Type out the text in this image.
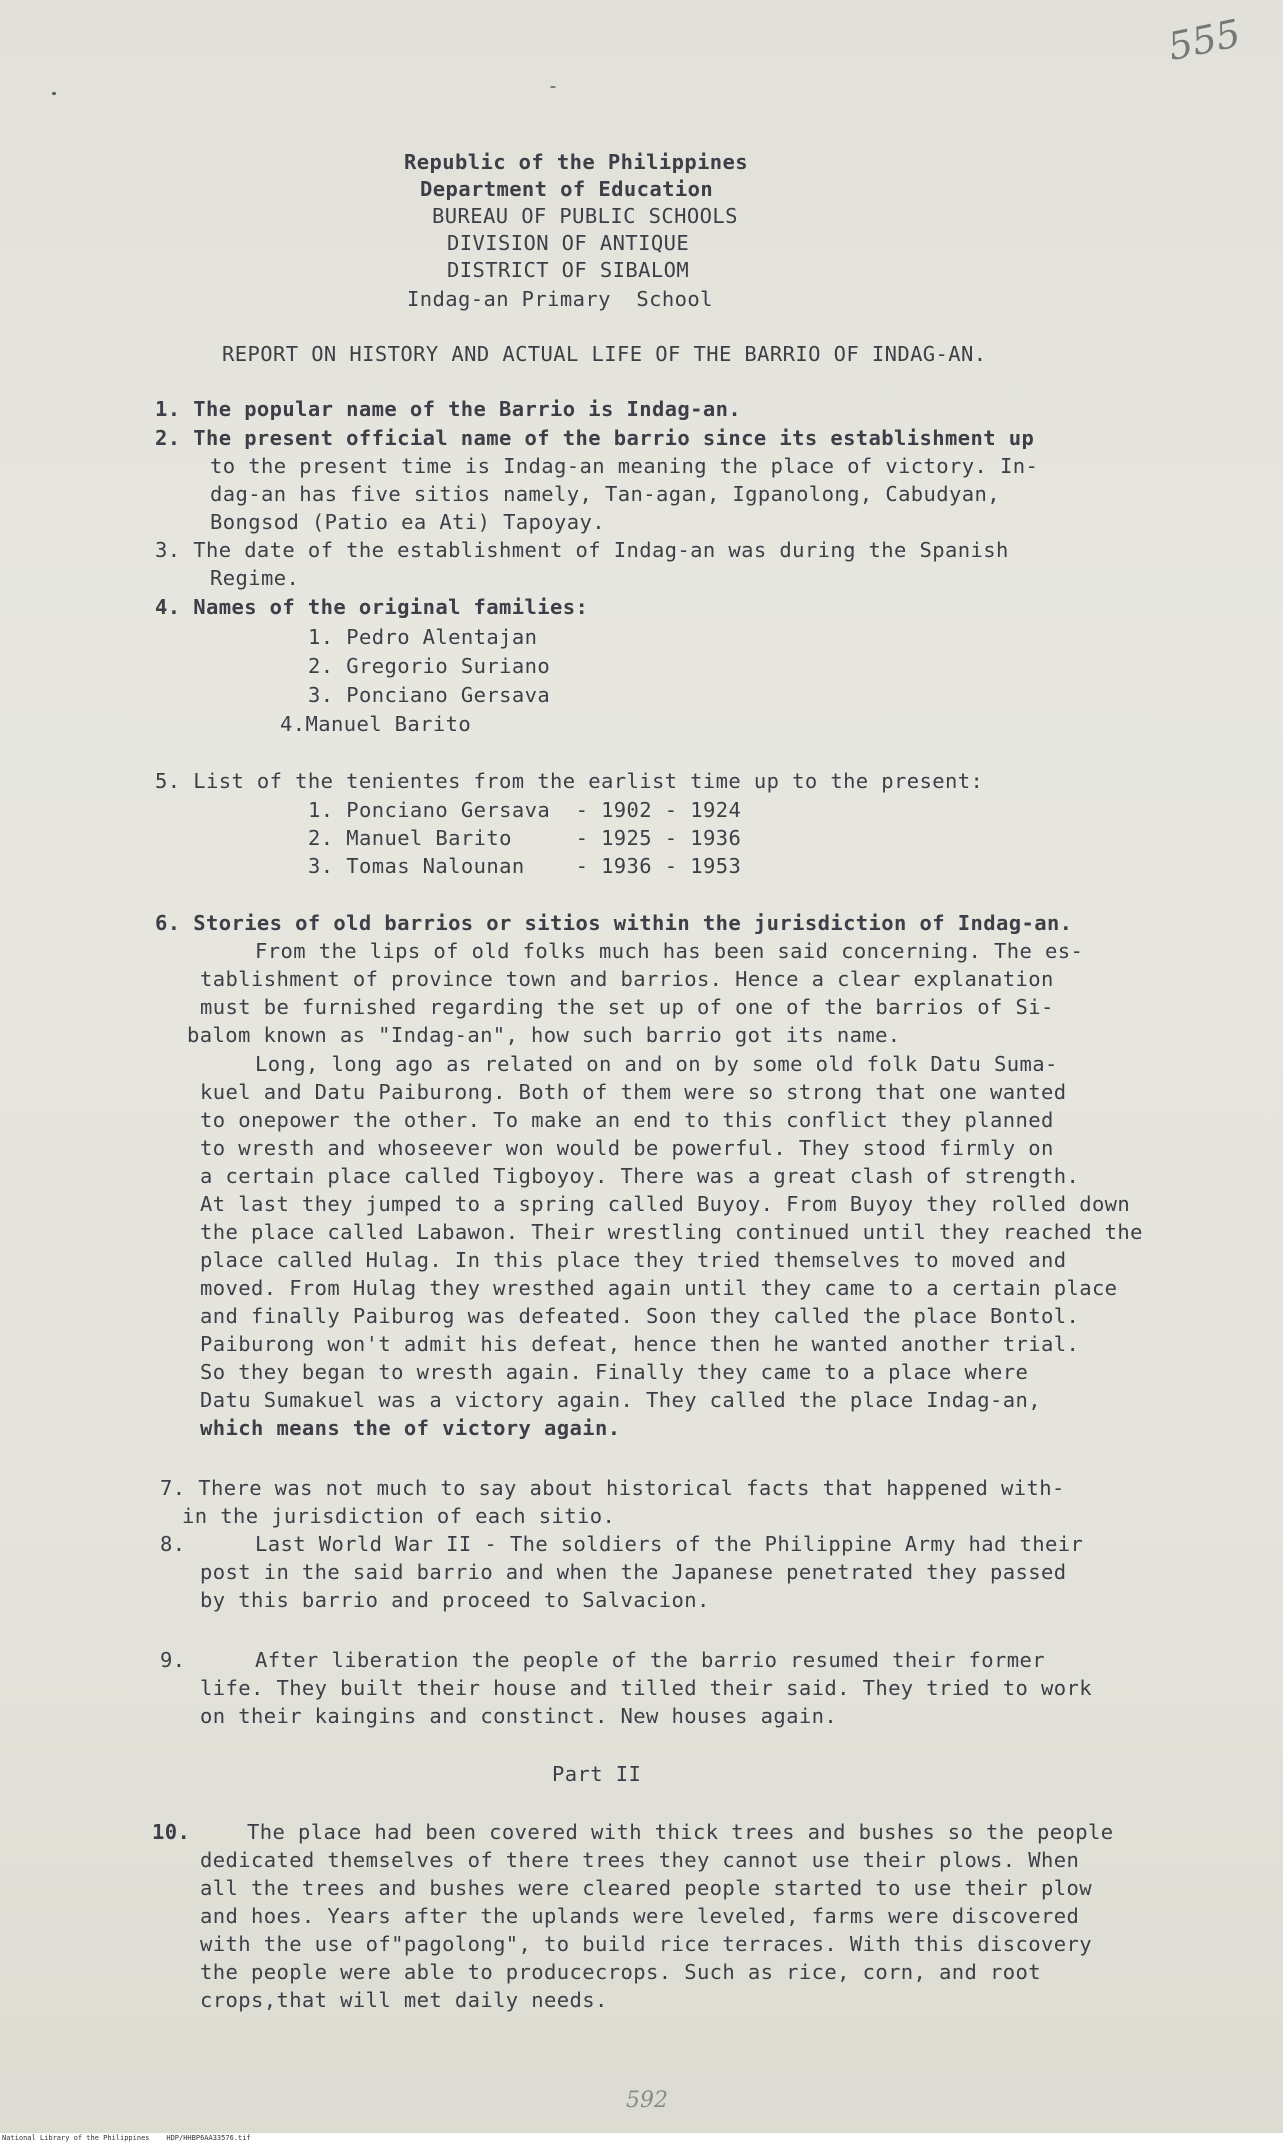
555
Republic of the Philippines
Department of Education
BUREAU OF PUBLIC SCHOOLS
DIVISION OF ANTIQUE
DISTRICT OF SIBALOM
Indag-an Primary  School
REPORT ON HISTORY AND ACTUAL LIFE OF THE BARRIO OF INDAG-AN.
1. The popular name of the Barrio is Indag-an.
2. The present official name of the barrio since its establishment up
to the present time is Indag-an meaning the place of victory. In-
dag-an has five sitios namely, Tan-agan, Igpanolong, Cabudyan,
Bongsod (Patio ea Ati) Tapoyay.
3. The date of the establishment of Indag-an was during the Spanish
Regime.
4. Names of the original families:
1. Pedro Alentajan
2. Gregorio Suriano
3. Ponciano Gersava
4.Manuel Barito
5. List of the tenientes from the earlist time up to the present:
1. Ponciano Gersava  - 1902 - 1924
2. Manuel Barito     - 1925 - 1936
3. Tomas Nalounan    - 1936 - 1953
6. Stories of old barrios or sitios within the jurisdiction of Indag-an.
From the lips of old folks much has been said concerning. The es-
tablishment of province town and barrios. Hence a clear explanation
must be furnished regarding the set up of one of the barrios of Si-
balom known as "Indag-an", how such barrio got its name.
Long, long ago as related on and on by some old folk Datu Suma-
kuel and Datu Paiburong. Both of them were so strong that one wanted
to onepower the other. To make an end to this conflict they planned
to wresth and whoseever won would be powerful. They stood firmly on
a certain place called Tigboyoy. There was a great clash of strength.
At last they jumped to a spring called Buyoy. From Buyoy they rolled down
the place called Labawon. Their wrestling continued until they reached the
place called Hulag. In this place they tried themselves to moved and
moved. From Hulag they wresthed again until they came to a certain place
and finally Paiburog was defeated. Soon they called the place Bontol.
Paiburong won't admit his defeat, hence then he wanted another trial.
So they began to wresth again. Finally they came to a place where
Datu Sumakuel was a victory again. They called the place Indag-an,
which means the of victory again.
7. There was not much to say about historical facts that happened with-
in the jurisdiction of each sitio.
8.	Last World War II - The soldiers of the Philippine Army had their
post in the said barrio and when the Japanese penetrated they passed
by this barrio and proceed to Salvacion.
9.	After liberation the people of the barrio resumed their former
life. They built their house and tilled their said. They tried to work
on their kaingins and constinct. New houses again.
Part II
10.	The place had been covered with thick trees and bushes so the people
dedicated themselves of there trees they cannot use their plows. When
all the trees and bushes were cleared people started to use their plow
and hoes. Years after the uplands were leveled, farms were discovered
with the use of"pagolong", to build rice terraces. With this discovery
the people were able to producecrops. Such as rice, corn, and root
crops,that will met daily needs.
592
National Library of the Philippines    HDP/HHBP6AA33576.tif
